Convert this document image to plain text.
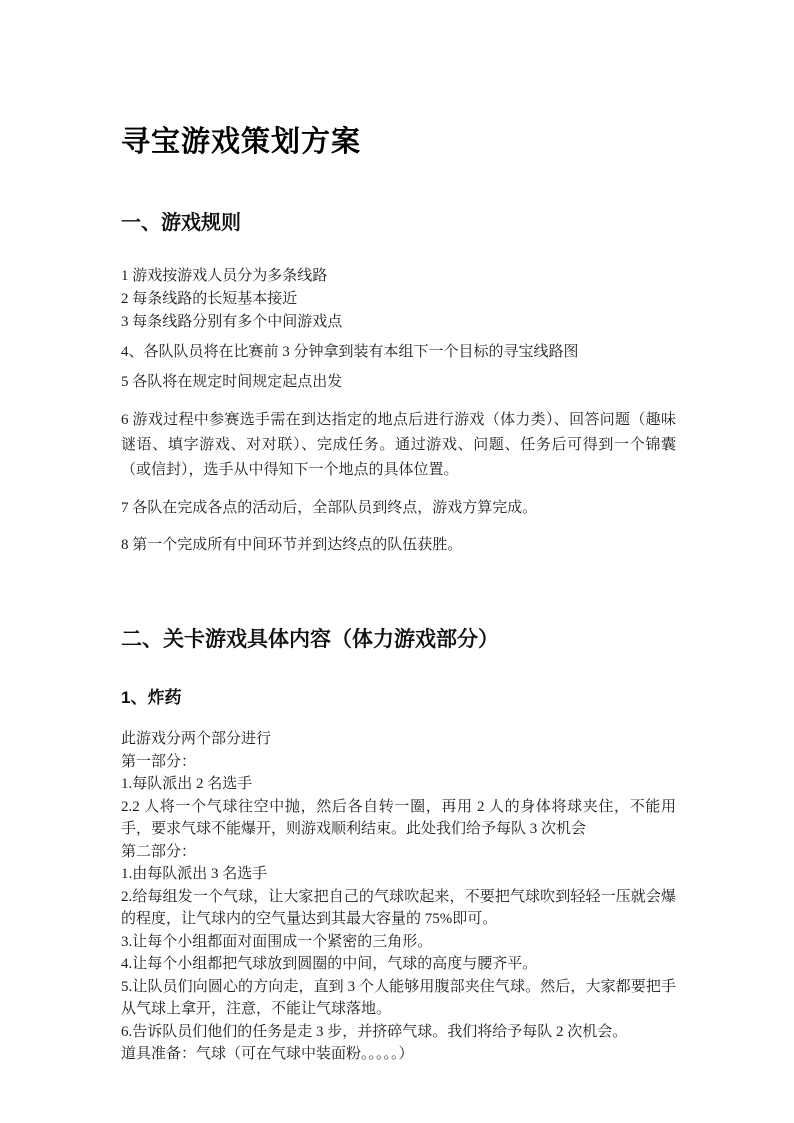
寻宝游戏策划方案
一、游戏规则

1 游戏按游戏人员分为多条线路

2 每条线路的长短基本接近

3 每条线路分别有多个中间游戏点

4、各队队员将在比赛前 3 分钟拿到装有本组下一个目标的寻宝线路图

5 各队将在规定时间规定起点出发

6 游戏过程中参赛选手需在到达指定的地点后进行游戏（体力类）、回答问题（趣味谜语、填字游戏、对对联）、完成任务。通过游戏、问题、任务后可得到一个锦囊（或信封），选手从中得知下一个地点的具体位置。

7 各队在完成各点的活动后，全部队员到终点，游戏方算完成。

8 第一个完成所有中间环节并到达终点的队伍获胜。

二、关卡游戏具体内容（体力游戏部分）
1、炸药

此游戏分两个部分进行

第一部分：

1.每队派出 2 名选手

2.2 人将一个气球往空中抛，然后各自转一圈，再用 2 人的身体将球夹住，不能用手，要求气球不能爆开，则游戏顺利结束。此处我们给予每队 3 次机会

第二部分：

1.由每队派出 3 名选手

2.给每组发一个气球，让大家把自己的气球吹起来，不要把气球吹到轻轻一压就会爆的程度，让气球内的空气量达到其最大容量的 75%即可。

3.让每个小组都面对面围成一个紧密的三角形。

4.让每个小组都把气球放到圆圈的中间，气球的高度与腰齐平。

5.让队员们向圆心的方向走，直到 3 个人能够用腹部夹住气球。然后，大家都要把手从气球上拿开，注意，不能让气球落地。

6.告诉队员们他们的任务是走 3 步，并挤碎气球。我们将给予每队 2 次机会。

道具准备：气球（可在气球中装面粉。。。。。）
